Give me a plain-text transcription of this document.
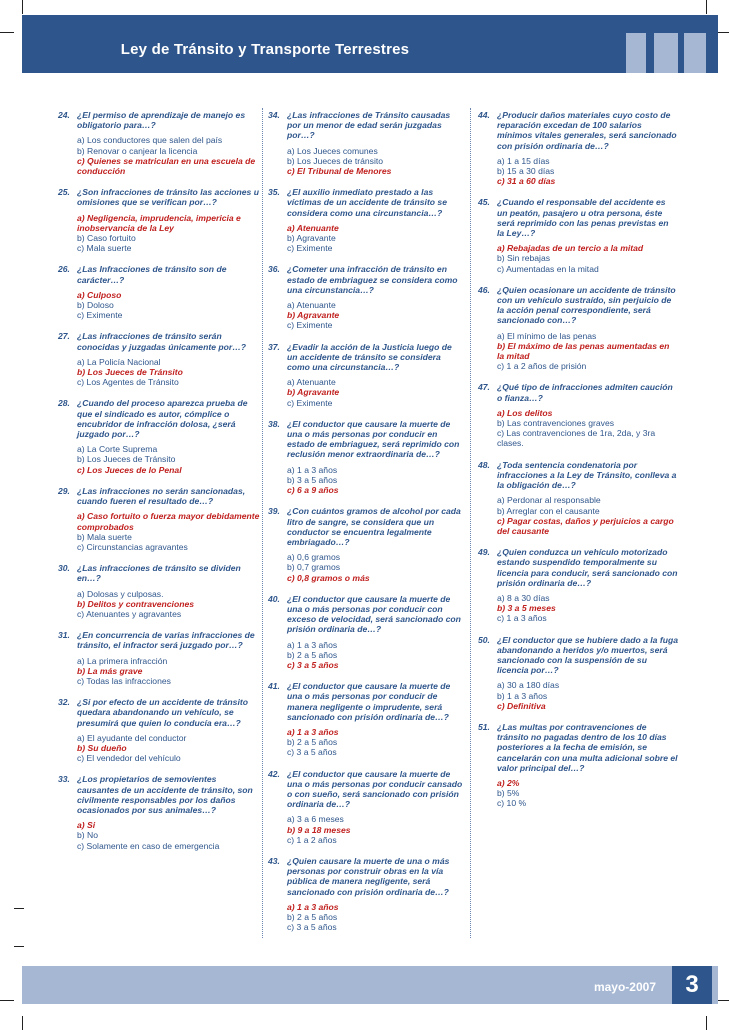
Ley de Tránsito y Transporte Terrestres
24. ¿El permiso de aprendizaje de manejo es obligatorio para…?
a) Los conductores que salen del país
b) Renovar o canjear la licencia
c) Quienes se matriculan en una escuela de conducción
25. ¿Son infracciones de tránsito las acciones u omisiones que se verifican por…?
a) Negligencia, imprudencia, impericia e inobservancia de la Ley
b) Caso fortuito
c) Mala suerte
26. ¿Las Infracciones de tránsito son de carácter…?
a) Culposo
b) Doloso
c) Eximente
27. ¿Las infracciones de tránsito serán conocidas y juzgadas únicamente por…?
a) La Policía Nacional
b) Los Jueces de Tránsito
c) Los Agentes de Tránsito
28. ¿Cuando del proceso aparezca prueba de que el sindicado es autor, cómplice o encubridor de infracción dolosa, ¿será juzgado por…?
a) La Corte Suprema
b) Los Jueces de Tránsito
c) Los Jueces de lo Penal
29. ¿Las infracciones no serán sancionadas, cuando fueren el resultado de…?
a) Caso fortuito o fuerza mayor debidamente comprobados
b) Mala suerte
c) Circunstancias agravantes
30. ¿Las infracciones de tránsito se dividen en…?
a) Dolosas y culposas.
b) Delitos y contravenciones
c) Atenuantes y agravantes
31. ¿En concurrencia de varias infracciones de tránsito, el infractor será juzgado por…?
a) La primera infracción
b) La más grave
c) Todas las infracciones
32. ¿Si por efecto de un accidente de tránsito quedara abandonando un vehículo, se presumirá que quien lo conducía era…?
a) El ayudante del conductor
b) Su dueño
c) El vendedor del vehículo
33. ¿Los propietarios de semovientes causantes de un accidente de tránsito, son civilmente responsables por los daños ocasionados por sus animales…?
a) Si
b) No
c) Solamente en caso de emergencia
34. ¿Las infracciones de Tránsito causadas por un menor de edad serán juzgadas por…?
a) Los Jueces comunes
b) Los Jueces de tránsito
c) El Tribunal de Menores
35. ¿El auxilio inmediato prestado a las víctimas de un accidente de tránsito se considera como una circunstancia…?
a) Atenuante
b) Agravante
c) Eximente
36. ¿Cometer una infracción de tránsito en estado de embriaguez se considera como una circunstancia…?
a) Atenuante
b) Agravante
c) Eximente
37. ¿Evadir la acción de la Justicia luego de un accidente de tránsito se considera como una circunstancia…?
a) Atenuante
b) Agravante
c) Eximente
38. ¿El conductor que causare la muerte de una o más personas por conducir en estado de embriaguez, será reprimido con reclusión menor extraordinaria de…?
a) 1 a 3 años
b) 3 a 5 años
c) 6 a 9 años
39. ¿Con cuántos gramos de alcohol por cada litro de sangre, se considera que un conductor se encuentra legalmente embriagado…?
a) 0,6 gramos
b) 0,7 gramos
c) 0,8 gramos o más
40. ¿El conductor que causare la muerte de una o más personas por conducir con exceso de velocidad, será sancionado con prisión ordinaria de…?
a) 1 a 3 años
b) 2 a 5 años
c) 3 a 5 años
41. ¿El conductor que causare la muerte de una o más personas por conducir de manera negligente o imprudente, será sancionado con prisión ordinaria de…?
a) 1 a 3 años
b) 2 a 5 años
c) 3 a 5 años
42. ¿El conductor que causare la muerte de una o más personas por conducir cansado o con sueño, será sancionado con prisión ordinaria de…?
a) 3 a 6 meses
b) 9 a 18 meses
c) 1 a 2 años
43. ¿Quien causare la muerte de una o más personas por construir obras en la vía pública de manera negligente, será sancionado con prisión ordinaria de…?
a) 1 a 3 años
b) 2 a 5 años
c) 3 a 5 años
44. ¿Producir daños materiales cuyo costo de reparación excedan de 100 salarios mínimos vitales generales, será sancionado con prisión ordinaria de…?
a) 1 a 15 días
b) 15 a 30 días
c) 31 a 60 días
45. ¿Cuando el responsable del accidente es un peatón, pasajero u otra persona, éste será reprimido con las penas previstas en la Ley…?
a) Rebajadas de un tercio a la mitad
b) Sin rebajas
c) Aumentadas en la mitad
46. ¿Quien ocasionare un accidente de tránsito con un vehículo sustraído, sin perjuicio de la acción penal correspondiente, será sancionado con…?
a) El mínimo de las penas
b) El máximo de las penas aumentadas en la mitad
c) 1 a 2 años de prisión
47. ¿Qué tipo de infracciones admiten caución o fianza…?
a) Los delitos
b) Las contravenciones graves
c) Las contravenciones de 1ra, 2da, y 3ra clases.
48. ¿Toda sentencia condenatoria por infracciones a la Ley de Tránsito, conlleva a la obligación de…?
a) Perdonar al responsable
b) Arreglar con el causante
c) Pagar costas, daños y perjuicios a cargo del causante
49. ¿Quien conduzca un vehículo motorizado estando suspendido temporalmente su licencia para conducir, será sancionado con prisión ordinaria de…?
a) 8 a 30 días
b) 3 a 5 meses
c) 1 a 3 años
50. ¿El conductor que se hubiere dado a la fuga abandonando a heridos y/o muertos, será sancionado con la suspensión de su licencia por…?
a) 30 a 180 días
b) 1 a 3 años
c) Definitiva
51. ¿Las multas por contravenciones de tránsito no pagadas dentro de los 10 días posteriores a la fecha de emisión, se cancelarán con una multa adicional sobre el valor principal del…?
a) 2%
b) 5%
c) 10 %
mayo-2007	3
